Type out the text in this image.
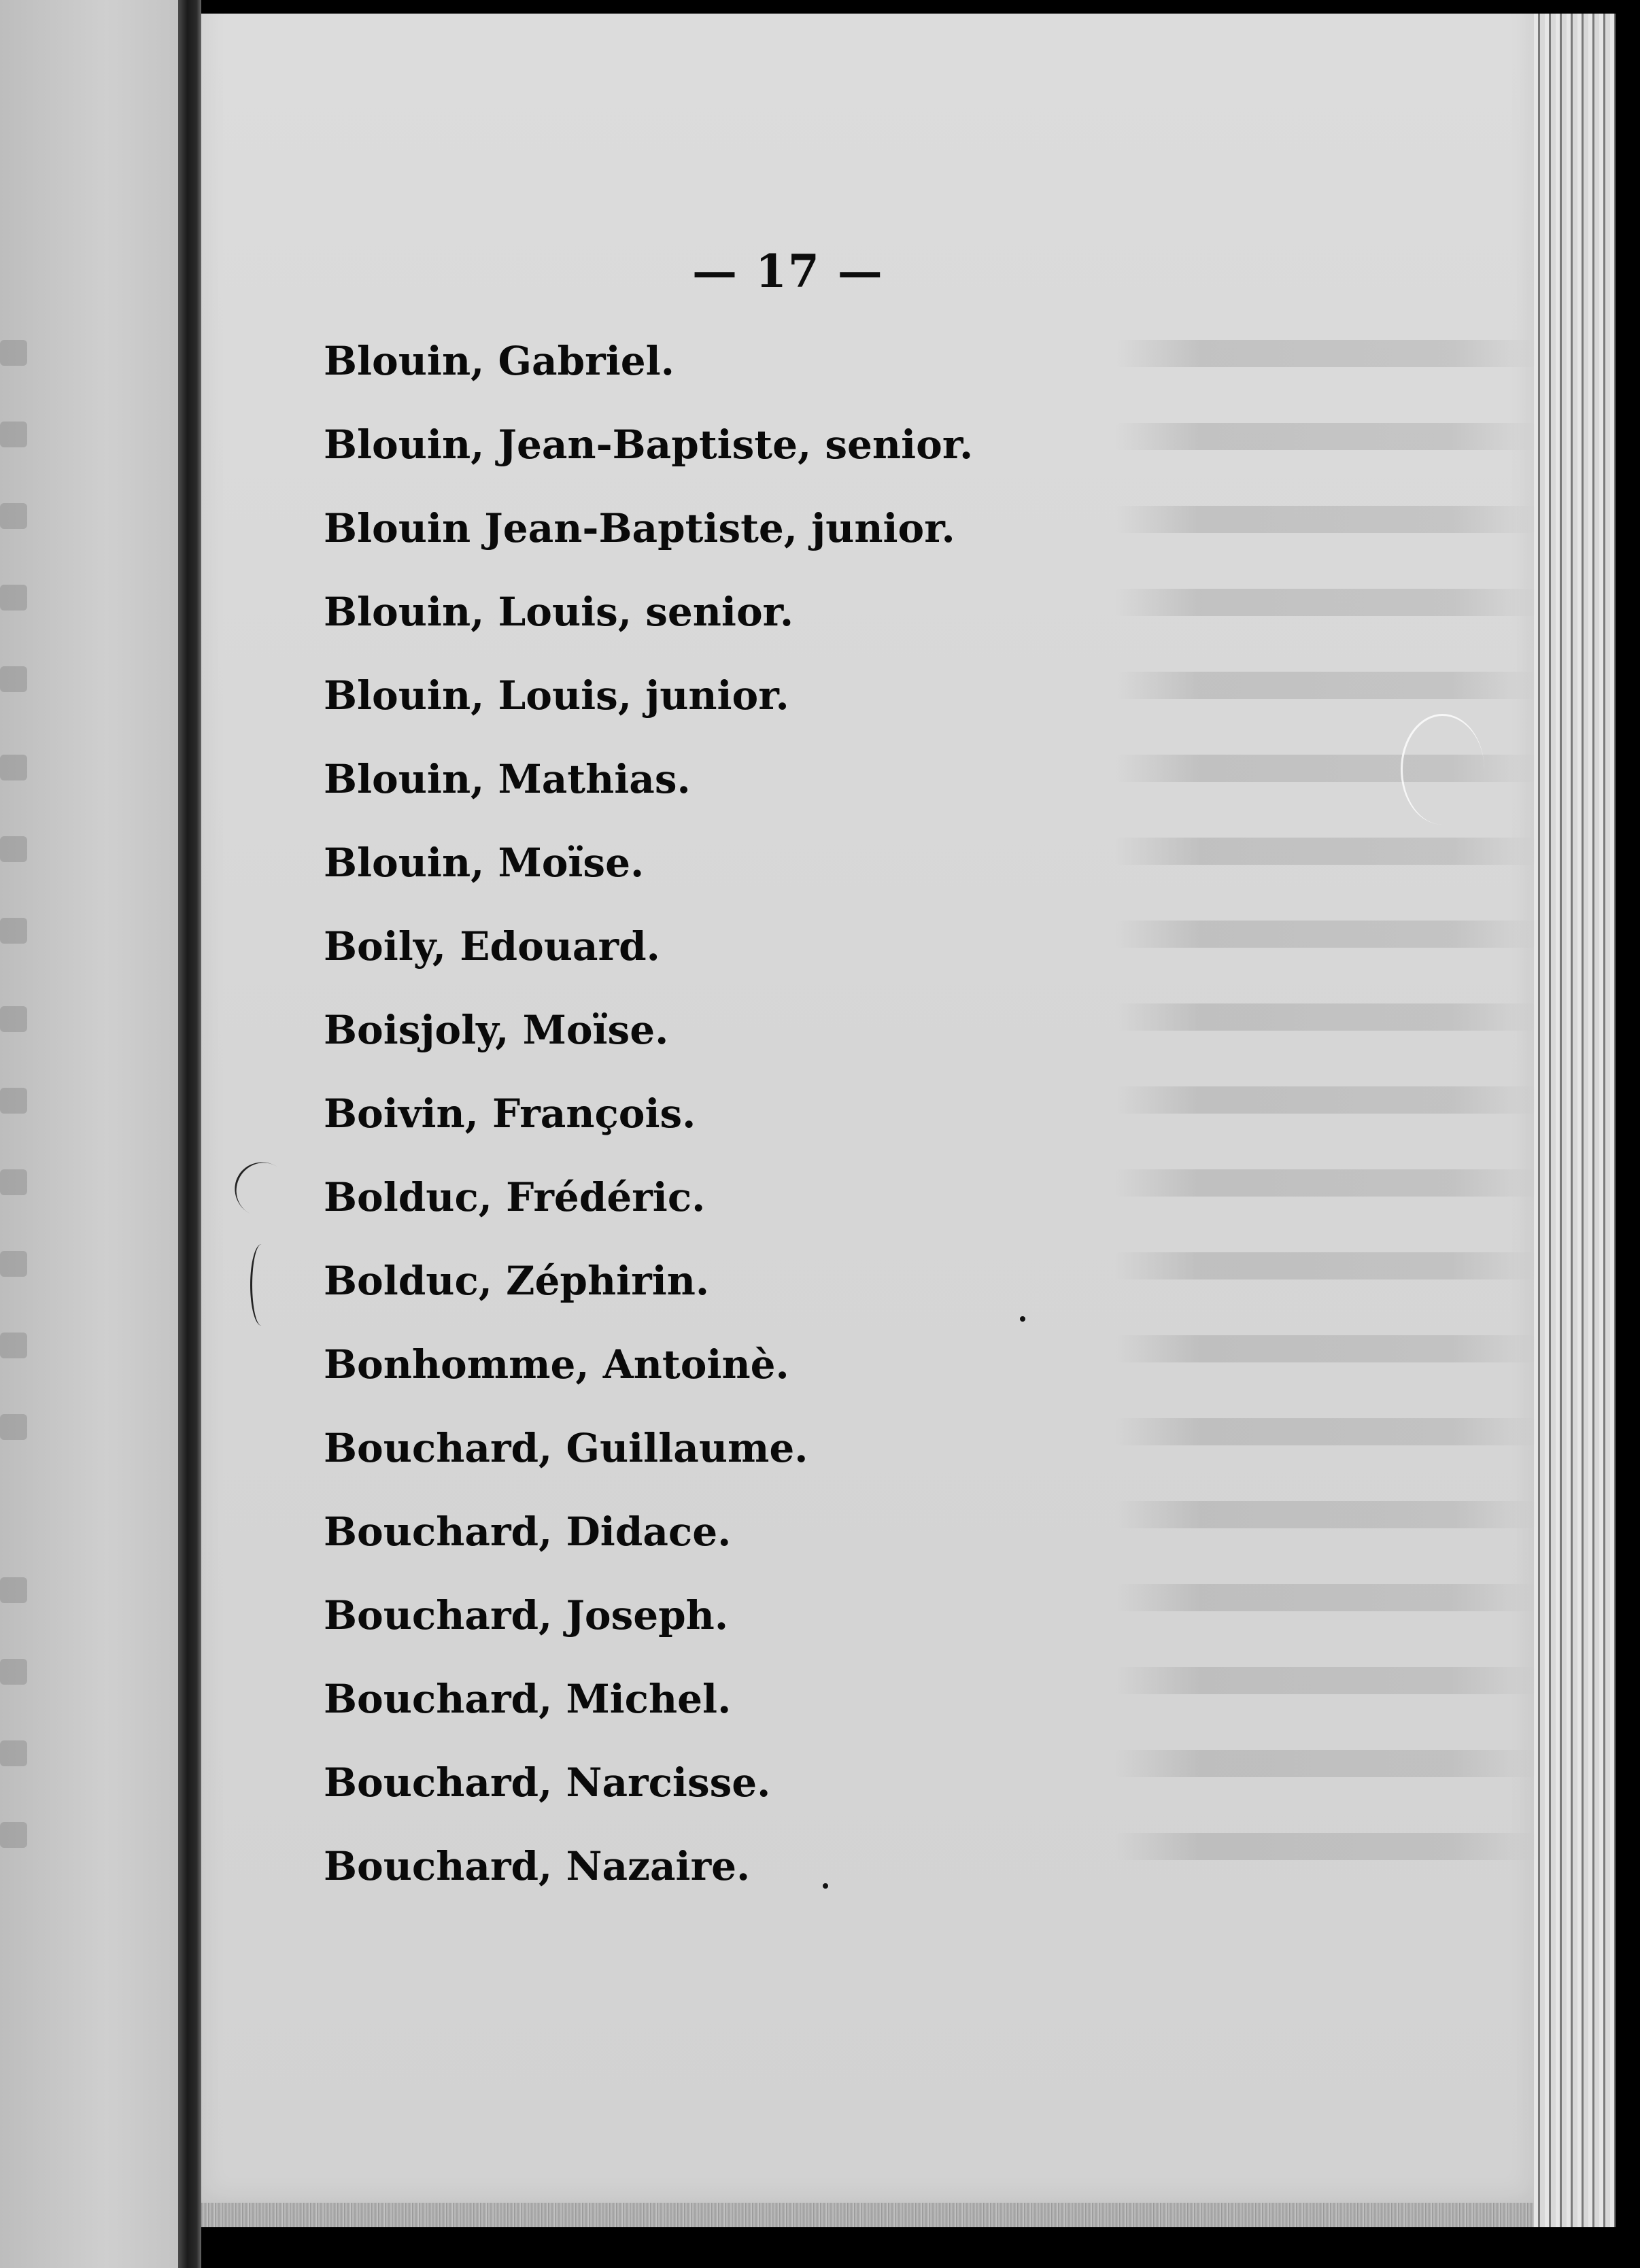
— 17 —
Blouin, Gabriel.
Blouin, Jean-Baptiste, senior.
Blouin Jean-Baptiste, junior.
Blouin, Louis, senior.
Blouin, Louis, junior.
Blouin, Mathias.
Blouin, Moïse.
Boily, Edouard.
Boisjoly, Moïse.
Boivin, François.
Bolduc, Frédéric.
Bolduc, Zéphirin.
Bonhomme, Antoinè.
Bouchard, Guillaume.
Bouchard, Didace.
Bouchard, Joseph.
Bouchard, Michel.
Bouchard, Narcisse.
Bouchard, Nazaire.
